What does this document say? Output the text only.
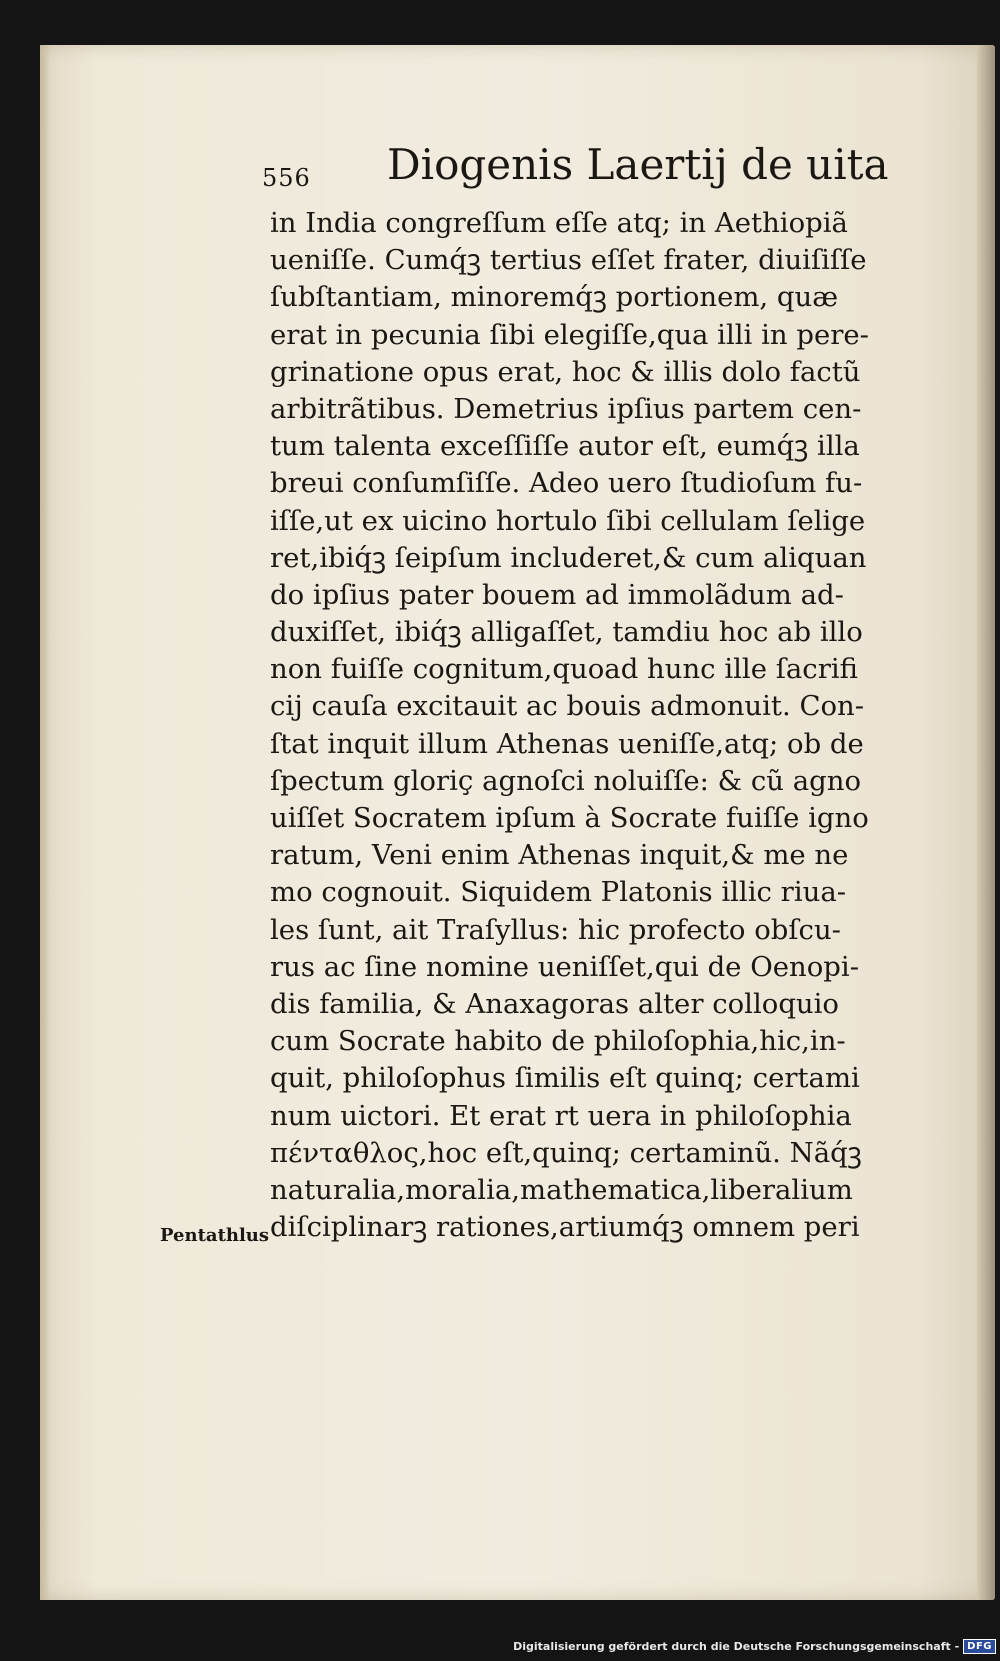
556 Diogenis Laertij de uita
in India congreſſum eſſe atq; in Aethiopiã
ueniſſe. Cumq́ꝫ tertius eſſet frater, diuiſiſſe
ſubſtantiam, minoremq́ꝫ portionem, quæ
erat in pecunia ſibi elegiſſe,qua illi in pere-
grinatione opus erat, hoc & illis dolo factũ
arbitrãtibus. Demetrius ipſius partem cen-
tum talenta exceſſiſſe autor eſt, eumq́ꝫ illa
breui conſumſiſſe. Adeo uero ſtudioſum fu-
iſſe,ut ex uicino hortulo ſibi cellulam ſelige
ret,ibiq́ꝫ ſeipſum includeret,& cum aliquan
do ipſius pater bouem ad immolãdum ad-
duxiſſet, ibiq́ꝫ alligaſſet, tamdiu hoc ab illo
non fuiſſe cognitum,quoad hunc ille ſacrifi
cij cauſa excitauit ac bouis admonuit. Con-
ſtat inquit illum Athenas ueniſſe,atq; ob de
ſpectum gloriç agnoſci noluiſſe: & cũ agno
uiſſet Socratem ipſum à Socrate fuiſſe igno
ratum, Veni enim Athenas inquit,& me ne
mo cognouit. Siquidem Platonis illic riua-
les ſunt, ait Traſyllus: hic profecto obſcu-
rus ac ſine nomine ueniſſet,qui de Oenopi-
dis familia, & Anaxagoras alter colloquio
cum Socrate habito de philoſophia,hic,in-
quit, philoſophus ſimilis eſt quinq; certami
num uictori. Et erat rt uera in philoſophia
πένταθλος,hoc eſt,quinq; certaminũ. Nãq́ꝫ
naturalia,moralia,mathematica,liberalium
diſciplinarꝫ rationes,artiumq́ꝫ omnem peri
Pentathlus
Digitalisierung gefördert durch die Deutsche Forschungsgemeinschaft - DFG
